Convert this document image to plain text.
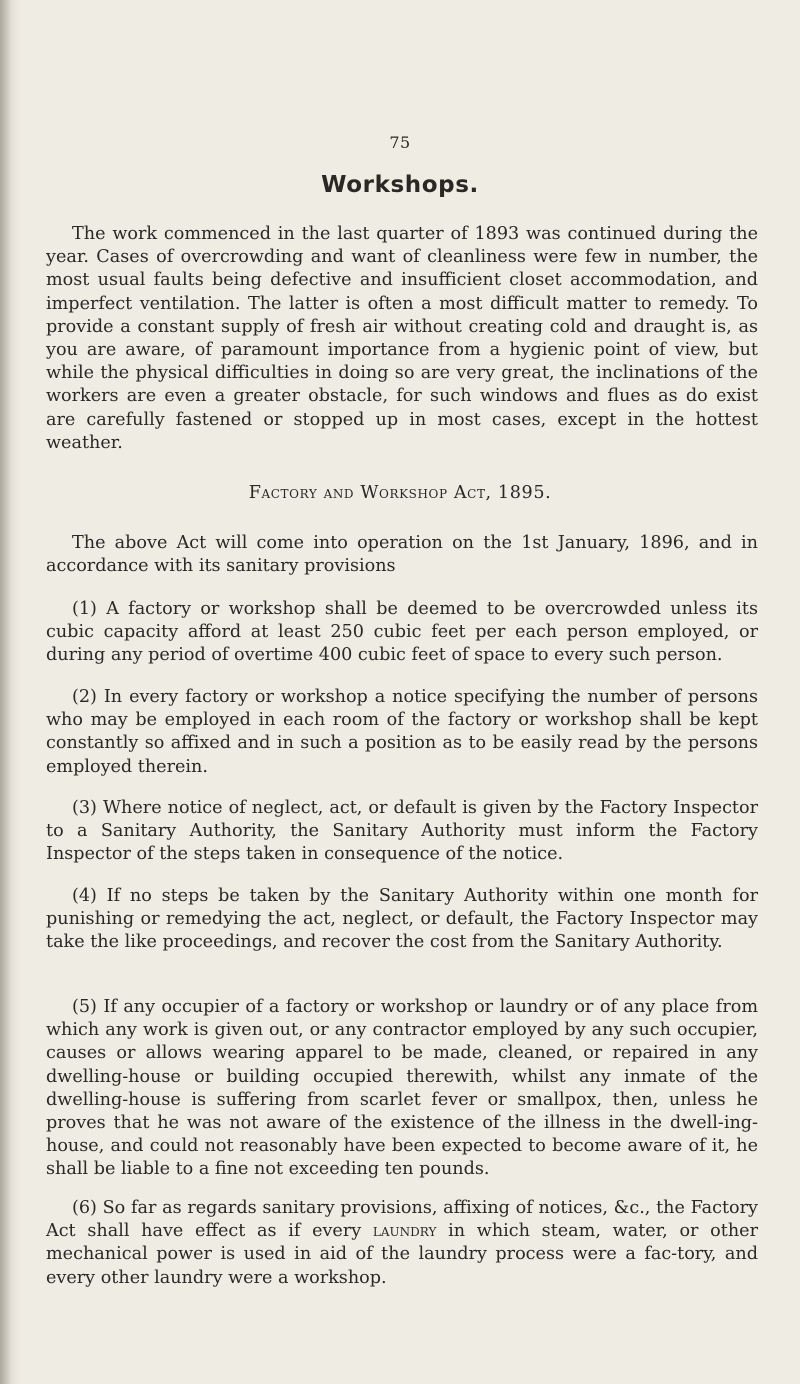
75
Workshops.

The work commenced in the last quarter of 1893 was continued during the year. Cases of overcrowding and want of cleanliness were few in number, the most usual faults being defective and insufficient closet accommodation, and imperfect ventilation. The latter is often a most difficult matter to remedy. To provide a constant supply of fresh air without creating cold and draught is, as you are aware, of paramount importance from a hygienic point of view, but while the physical difficulties in doing so are very great, the inclinations of the workers are even a greater obstacle, for such windows and flues as do exist are carefully fastened or stopped up in most cases, except in the hottest weather.

Factory and Workshop Act, 1895.

The above Act will come into operation on the 1st January, 1896, and in accordance with its sanitary provisions

(1) A factory or workshop shall be deemed to be overcrowded unless its cubic capacity afford at least 250 cubic feet per each person employed, or during any period of overtime 400 cubic feet of space to every such person.

(2) In every factory or workshop a notice specifying the number of persons who may be employed in each room of the factory or workshop shall be kept constantly so affixed and in such a position as to be easily read by the persons employed therein.

(3) Where notice of neglect, act, or default is given by the Factory Inspector to a Sanitary Authority, the Sanitary Authority must inform the Factory Inspector of the steps taken in consequence of the notice.

(4) If no steps be taken by the Sanitary Authority within one month for punishing or remedying the act, neglect, or default, the Factory Inspector may take the like proceedings, and recover the cost from the Sanitary Authority.

(5) If any occupier of a factory or workshop or laundry or of any place from which any work is given out, or any contractor employed by any such occupier, causes or allows wearing apparel to be made, cleaned, or repaired in any dwelling-house or building occupied therewith, whilst any inmate of the dwelling-house is suffering from scarlet fever or smallpox, then, unless he proves that he was not aware of the existence of the illness in the dwell-ing-house, and could not reasonably have been expected to become aware of it, he shall be liable to a fine not exceeding ten pounds.

(6) So far as regards sanitary provisions, affixing of notices, &c., the Factory Act shall have effect as if every laundry in which steam, water, or other mechanical power is used in aid of the laundry process were a fac-tory, and every other laundry were a workshop.
